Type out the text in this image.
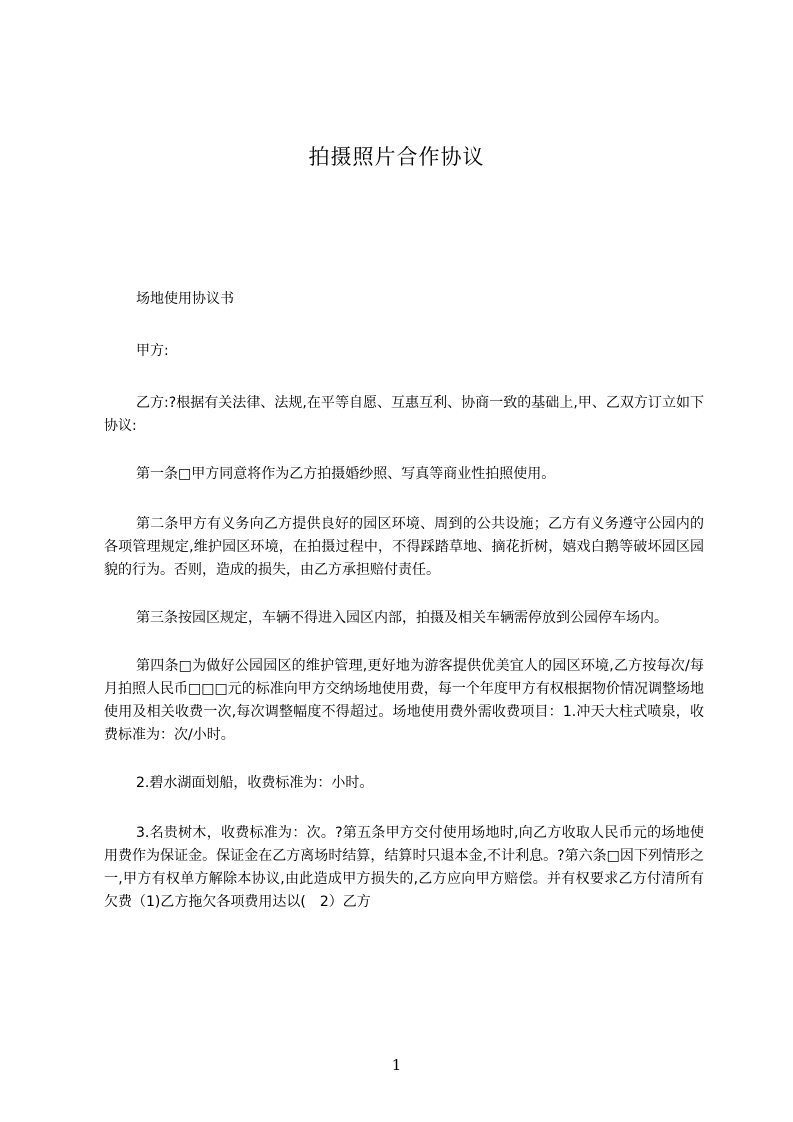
拍摄照片合作协议

场地使用协议书

甲方:

乙方:?根据有关法律、法规,在平等自愿、互惠互利、协商一致的基础上,甲、乙双方订立如下协议:

第一条□甲方同意将作为乙方拍摄婚纱照、写真等商业性拍照使用。

第二条甲方有义务向乙方提供良好的园区环境、周到的公共设施；乙方有义务遵守公园内的各项管理规定,维护园区环境，在拍摄过程中，不得踩踏草地、摘花折树，嬉戏白鹅等破坏园区园貌的行为。否则，造成的损失，由乙方承担赔付责任。

第三条按园区规定，车辆不得进入园区内部，拍摄及相关车辆需停放到公园停车场内。

第四条□为做好公园园区的维护管理,更好地为游客提供优美宜人的园区环境,乙方按每次/每月拍照人民币□□□元的标准向甲方交纳场地使用费，每一个年度甲方有权根据物价情况调整场地使用及相关收费一次,每次调整幅度不得超过。场地使用费外需收费项目：1.冲天大柱式喷泉，收费标准为：次/小时。

2.碧水湖面划船，收费标准为：小时。

3.名贵树木，收费标准为：次。?第五条甲方交付使用场地时,向乙方收取人民币元的场地使用费作为保证金。保证金在乙方离场时结算，结算时只退本金,不计利息。?第六条□因下列情形之一,甲方有权单方解除本协议,由此造成甲方损失的,乙方应向甲方赔偿。并有权要求乙方付清所有欠费（1)乙方拖欠各项费用达以(　2）乙方

1
